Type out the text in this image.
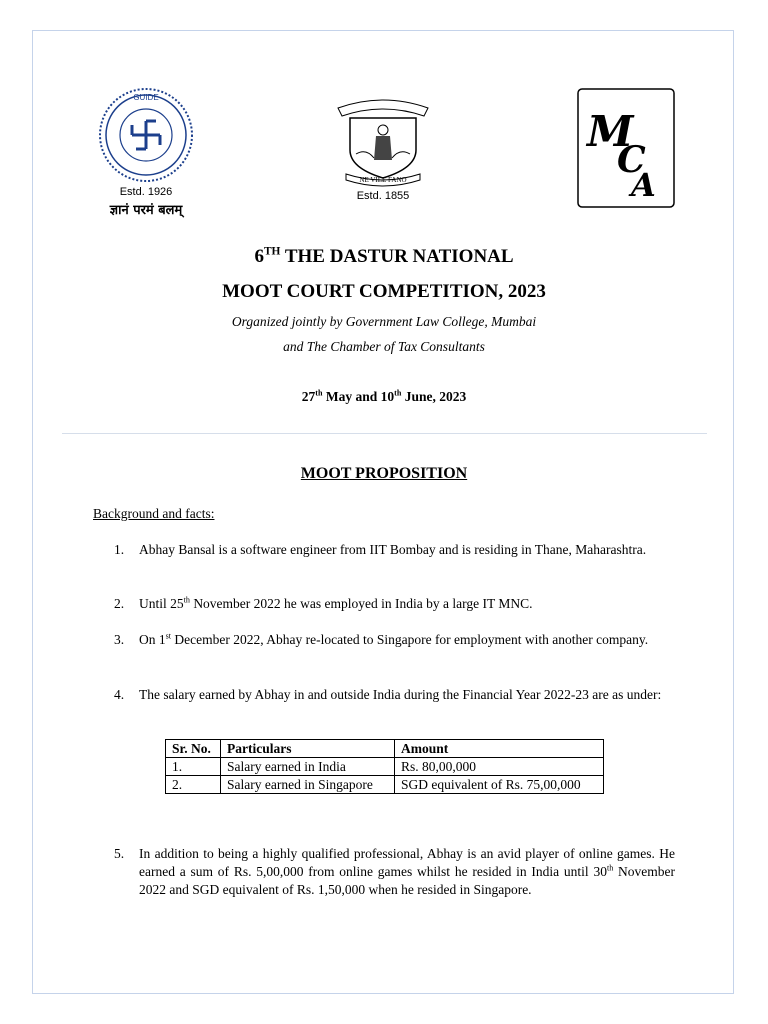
GUIDE
Estd. 1926
ज्ञानं परमं बलम्
NE VILE FANO
Estd. 1855
M
C
A
6TH THE DASTUR NATIONAL
MOOT COURT COMPETITION, 2023
Organized jointly by Government Law College, Mumbai
and The Chamber of Tax Consultants
27th May and 10th June, 2023
MOOT PROPOSITION
Background and facts:
1. Abhay Bansal is a software engineer from IIT Bombay and is residing in Thane, Maharashtra.
2. Until 25th November 2022 he was employed in India by a large IT MNC.
3. On 1st December 2022, Abhay re-located to Singapore for employment with another company.
4. The salary earned by Abhay in and outside India during the Financial Year 2022-23 are as under:
5. In addition to being a highly qualified professional, Abhay is an avid player of online games. He earned a sum of Rs. 5,00,000 from online games whilst he resided in India until 30th November 2022 and SGD equivalent of Rs. 1,50,000 when he resided in Singapore.
Sr. No.	Particulars	Amount
1.	Salary earned in India	Rs. 80,00,000
2.	Salary earned in Singapore	SGD equivalent of Rs. 75,00,000
